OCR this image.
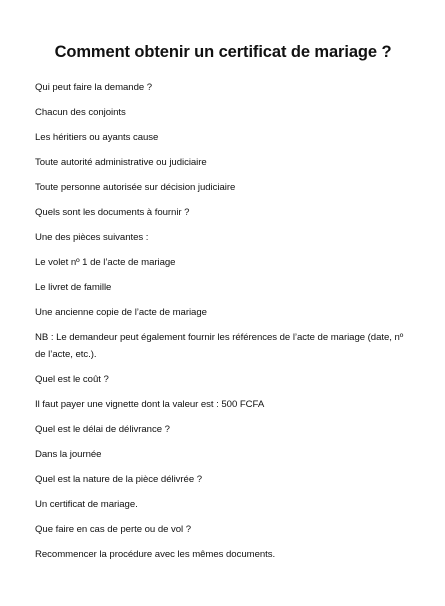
Comment obtenir un certificat de mariage ?

Qui peut faire la demande ?

Chacun des conjoints

Les héritiers ou ayants cause

Toute autorité administrative ou judiciaire

Toute personne autorisée sur décision judiciaire

Quels sont les documents à fournir ?

Une des pièces suivantes :

Le volet nº 1 de l’acte de mariage

Le livret de famille

Une ancienne copie de l’acte de mariage

NB : Le demandeur peut également fournir les références de l’acte de mariage (date, nº de l’acte, etc.).

Quel est le coût ?

Il faut payer une vignette dont la valeur est : 500 FCFA

Quel est le délai de délivrance ?

Dans la journée

Quel est la nature de la pièce délivrée ?

Un certificat de mariage.

Que faire en cas de perte ou de vol ?

Recommencer la procédure avec les mêmes documents.
